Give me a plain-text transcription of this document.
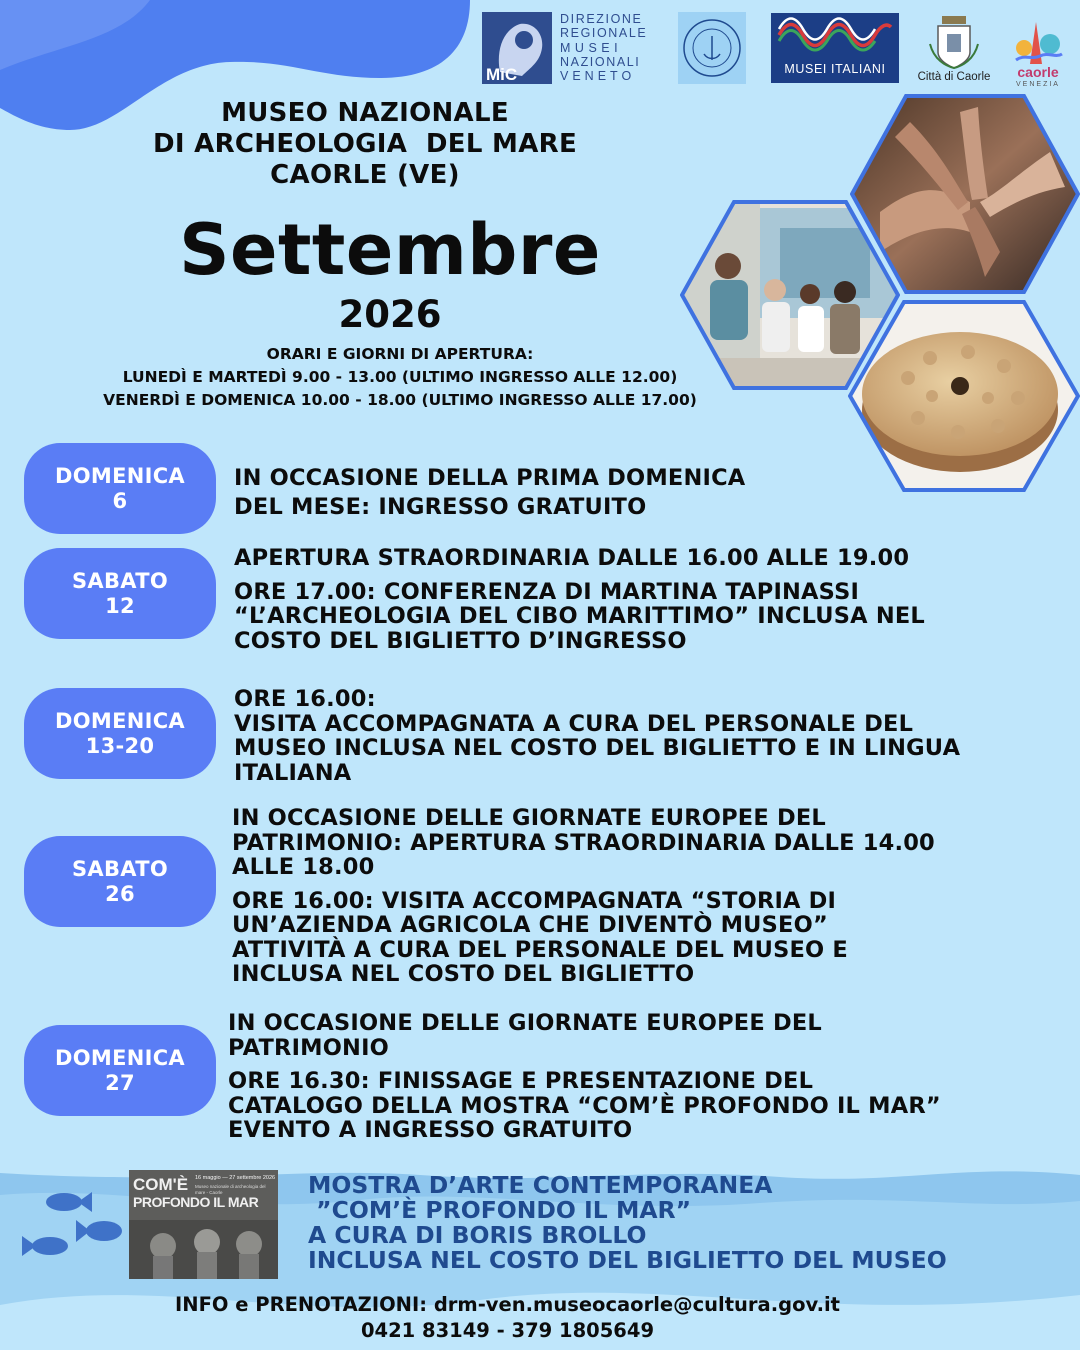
MiC
DIREZIONE
REGIONALE
MUSEI
NAZIONALI
VENETO
MUSEI ITALIANI
Città di Caorle	caorle
VENEZIA
MUSEO NAZIONALE
DI ARCHEOLOGIA  DEL MARE
CAORLE (VE)
Settembre
2026
ORARI E GIORNI DI APERTURA:
LUNEDÌ E MARTEDÌ 9.00 - 13.00 (ULTIMO INGRESSO ALLE 12.00)
VENERDÌ E DOMENICA 10.00 - 18.00 (ULTIMO INGRESSO ALLE 17.00)
DOMENICA
6

IN OCCASIONE DELLA PRIMA DOMENICA
DEL MESE: INGRESSO GRATUITO

SABATO
12

APERTURA STRAORDINARIA DALLE 16.00 ALLE 19.00

ORE 17.00: CONFERENZA DI MARTINA TAPINASSI
“L’ARCHEOLOGIA DEL CIBO MARITTIMO” INCLUSA NEL
COSTO DEL BIGLIETTO D’INGRESSO

DOMENICA
13-20

ORE 16.00:
VISITA ACCOMPAGNATA A CURA DEL PERSONALE DEL
MUSEO INCLUSA NEL COSTO DEL BIGLIETTO E IN LINGUA
ITALIANA

SABATO
26

IN OCCASIONE DELLE GIORNATE EUROPEE DEL
PATRIMONIO: APERTURA STRAORDINARIA DALLE 14.00
ALLE 18.00

ORE 16.00: VISITA ACCOMPAGNATA “STORIA DI
UN’AZIENDA AGRICOLA CHE DIVENTÒ MUSEO”
ATTIVITÀ A CURA DEL PERSONALE DEL MUSEO E
INCLUSA NEL COSTO DEL BIGLIETTO

DOMENICA
27

IN OCCASIONE DELLE GIORNATE EUROPEE DEL
PATRIMONIO

ORE 16.30: FINISSAGE E PRESENTAZIONE DEL
CATALOGO DELLA MOSTRA “COM’È PROFONDO IL MAR”
EVENTO A INGRESSO GRATUITO

COM'È
PROFONDO IL MAR
16 maggio — 27 settembre 2026
Museo nazionale di archeologia del mare - Caorle	MOSTRA D’ARTE CONTEMPORANEA
”COM’È PROFONDO IL MAR”
A CURA DI BORIS BROLLO
INCLUSA NEL COSTO DEL BIGLIETTO DEL MUSEO
INFO e PRENOTAZIONI: drm-ven.museocaorle@cultura.gov.it
0421 83149 - 379 1805649
